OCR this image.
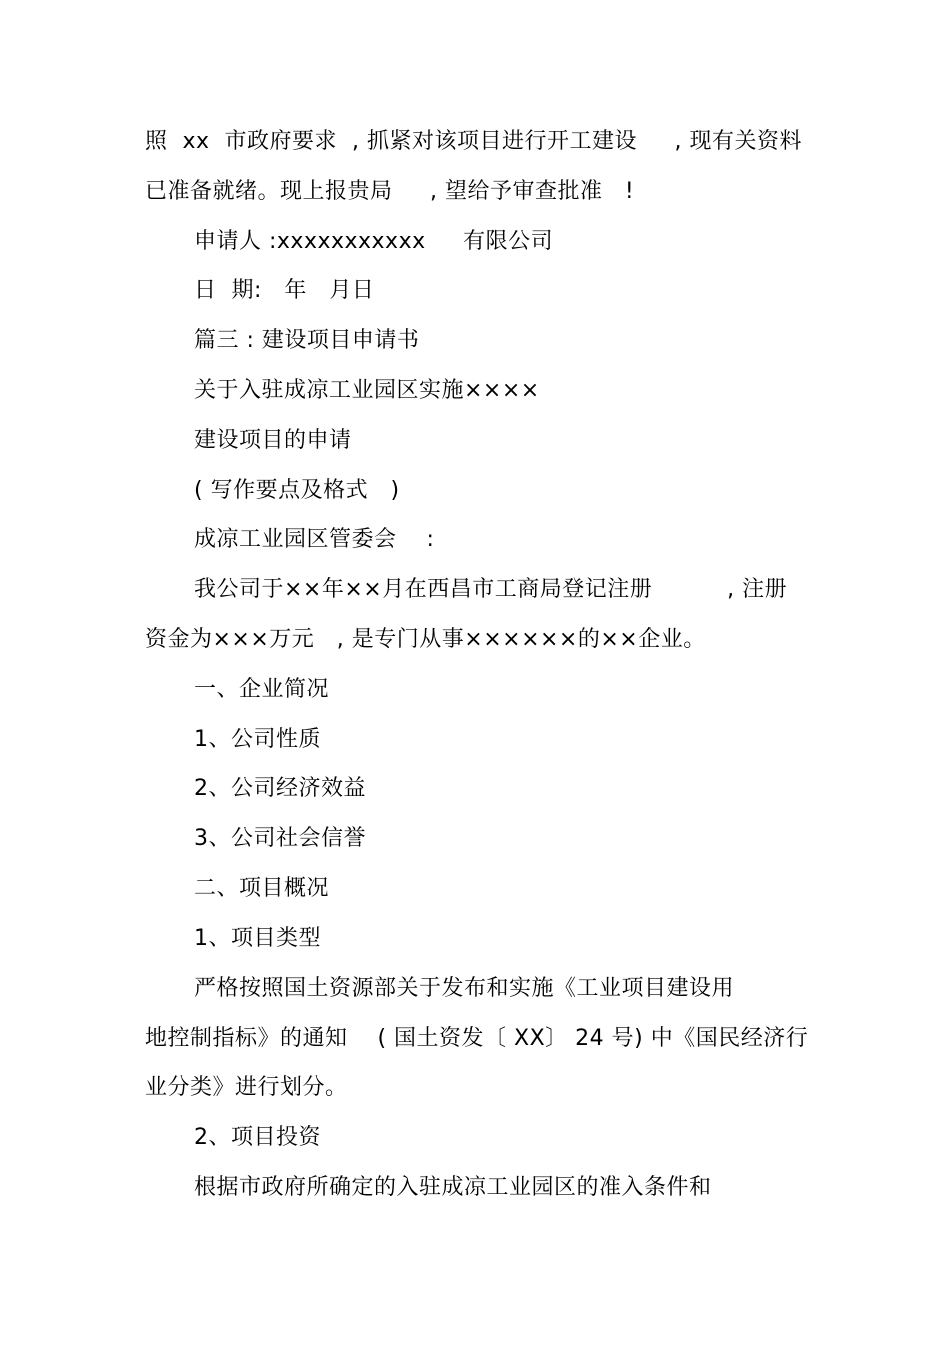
照  xx  市政府要求  , 抓紧对该项目进行开工建设     , 现有关资料
已准备就绪。现上报贵局     , 望给予审查批准   !
申请人 :xxxxxxxxxxx     有限公司
日  期:   年   月日
篇三 : 建设项目申请书
关于入驻成凉工业园区实施××××
建设项目的申请
( 写作要点及格式   )
成凉工业园区管委会    :
我公司于××年××月在西昌市工商局登记注册          , 注册
资金为×××万元   , 是专门从事××××××的××企业。
一、企业简况
1、公司性质
2、公司经济效益
3、公司社会信誉
二、项目概况
1、项目类型
严格按照国土资源部关于发布和实施《工业项目建设用
地控制指标》的通知    ( 国土资发〔 XX〕 24 号) 中《国民经济行
业分类》进行划分。
2、项目投资
根据市政府所确定的入驻成凉工业园区的准入条件和
